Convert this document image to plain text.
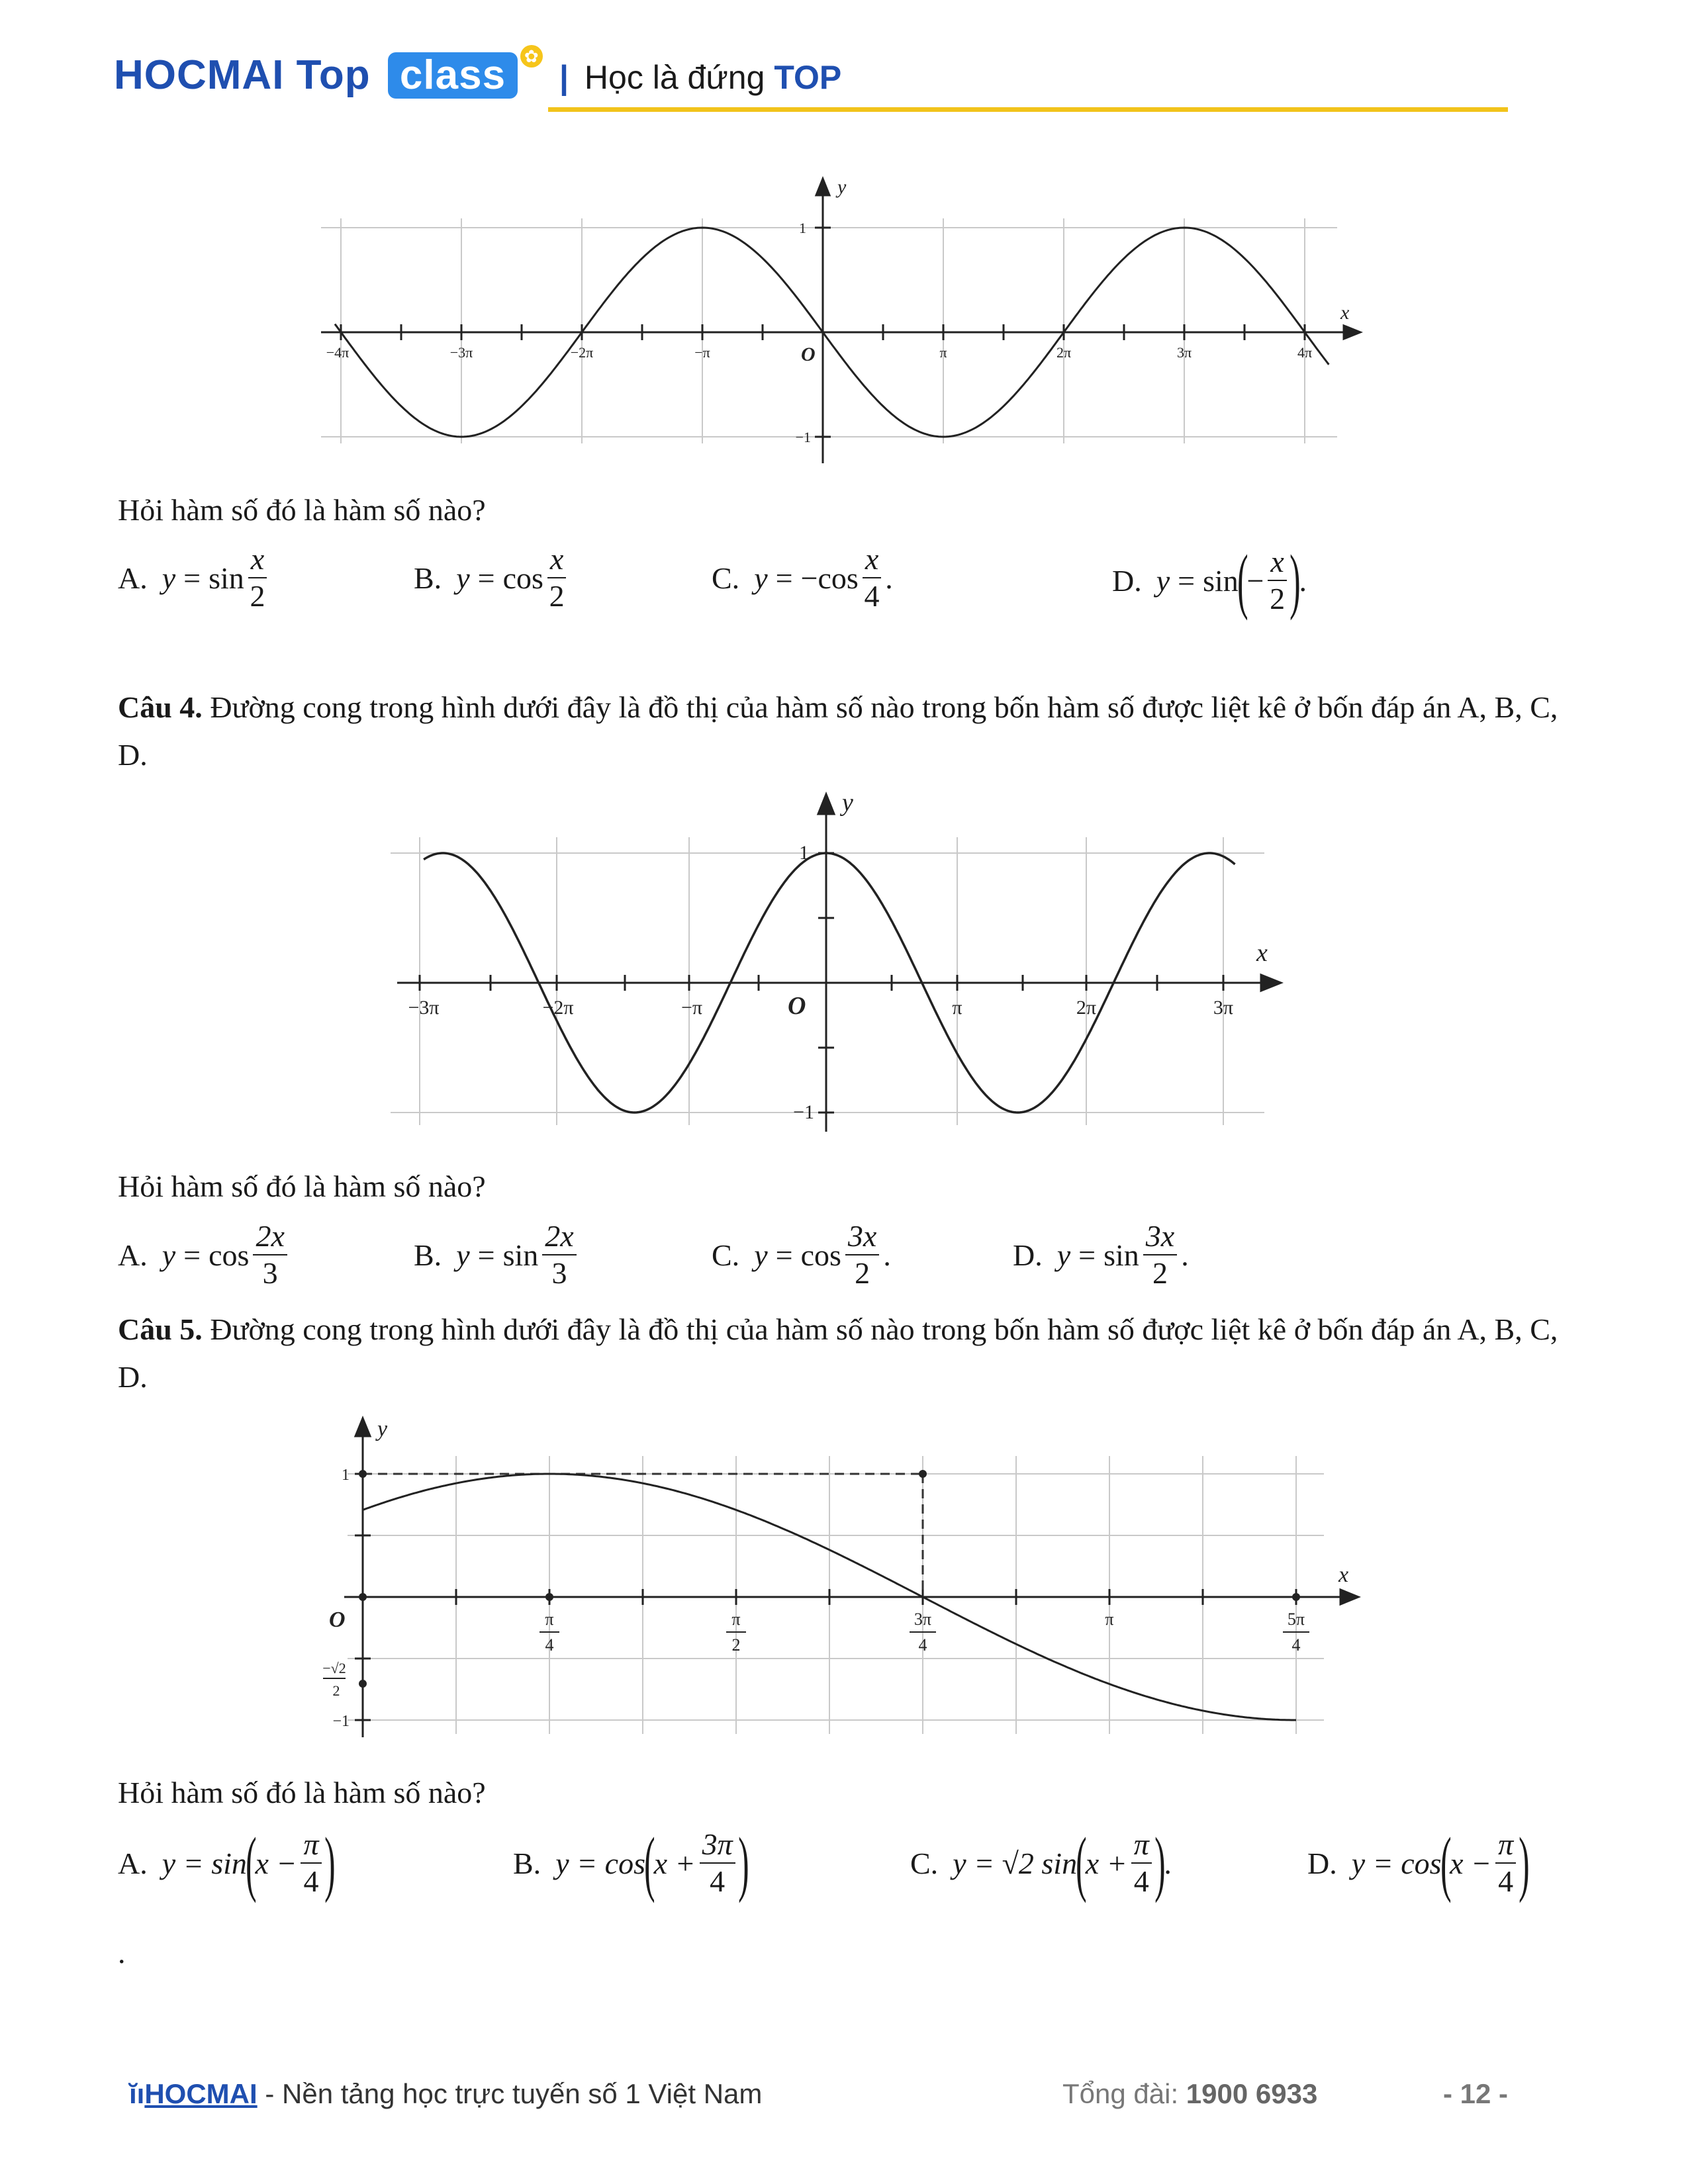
HOCMAI Top class ✿
| Học là đứng TOP
−4π	−3π	−2π	−π	π	2π	3π	4π
1
−1
y
x
O
Hỏi hàm số đó là hàm số nào?
A. $y = \sin \frac{x}{2}$	B. $y = \cos \frac{x}{2}$	C. y = − $\cos \frac{x}{4}$ .	D. y = sin
(
− $\frac{x}{2}$ )
.
Câu 4. Đường cong trong hình dưới đây là đồ thị của hàm số nào trong bốn hàm số được liệt kê ở bốn đáp án A, B, C, D.
−3π	−2π	−π	π	2π	3π
1
−1
y
x
O
Hỏi hàm số đó là hàm số nào?
A. $y = \cos \frac{2x}{3}$	B. $y = \sin \frac{2x}{3}$	C. $y = \cos \frac{3x}{2}$ .	D. $y = \sin \frac{3x}{2}$ .
Câu 5. Đường cong trong hình dưới đây là đồ thị của hàm số nào trong bốn hàm số được liệt kê ở bốn đáp án A, B, C, D.
π
4
π
2
3π
4
π	5π
4
1
−1
−√2
2
y
x
O
Hỏi hàm số đó là hàm số nào?
A. y = sin
(
$x - \frac{\pi}{4}$ )	B. y = cos
(
$x + \frac{3\pi}{4}$ )	C. y = √2 sin
(
$x + \frac{\pi}{4}$ )
.	D. y = cos
(
$x - \frac{\pi}{4}$ )
.
ĭıHOCMAI - Nền tảng học trực tuyến số 1 Việt Nam	Tổng đài: 1900 6933	- 12 -
